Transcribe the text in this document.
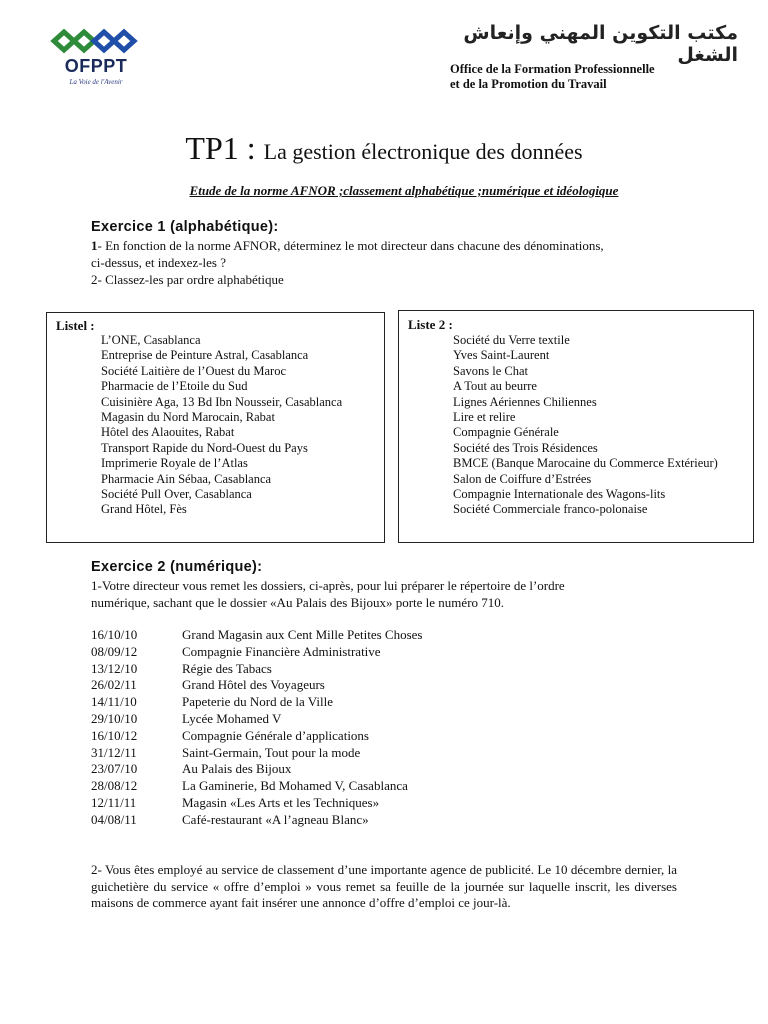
OFPPT
La Voie de l'Avenir
مكتب التكوين المهني وإنعاش الشغل
Office de la Formation Professionnelle
et de la Promotion du Travail
TP1 : La gestion électronique des données
Etude de la norme AFNOR ;classement alphabétique ;numérique et idéologique
Exercice 1 (alphabétique):
1- En fonction de la norme AFNOR, déterminez le mot directeur dans chacune des dénominations,
ci-dessus, et indexez-les ?
2- Classez-les par ordre alphabétique
Listel :
L’ONE, Casablanca
Entreprise de Peinture Astral, Casablanca
Société Laitière de l’Ouest du Maroc
Pharmacie de l’Etoile du Sud
Cuisinière Aga, 13 Bd Ibn Nousseir, Casablanca
Magasin du Nord Marocain, Rabat
Hôtel des Alaouites, Rabat
Transport Rapide du Nord-Ouest du Pays
Imprimerie Royale de l’Atlas
Pharmacie Ain Sébaa, Casablanca
Société Pull Over, Casablanca
Grand Hôtel, Fès
Liste 2 :
Société du Verre textile
Yves Saint-Laurent
Savons le Chat
A Tout au beurre
Lignes Aériennes Chiliennes
Lire et relire
Compagnie Générale
Société des Trois Résidences
BMCE (Banque Marocaine du Commerce Extérieur)
Salon de Coiffure d’Estrées
Compagnie Internationale des Wagons-lits
Société Commerciale franco-polonaise
Exercice 2 (numérique):
1-Votre directeur vous remet les dossiers, ci-après, pour lui préparer le répertoire de l’ordre
numérique, sachant que le dossier «Au Palais des Bijoux» porte le numéro 710.
16/10/10	Grand Magasin aux Cent Mille Petites Choses
08/09/12	Compagnie Financière Administrative
13/12/10	Régie des Tabacs
26/02/11	Grand Hôtel des Voyageurs
14/11/10	Papeterie du Nord de la Ville
29/10/10	Lycée Mohamed V
16/10/12	Compagnie Générale d’applications
31/12/11	Saint-Germain, Tout pour la mode
23/07/10	Au Palais des Bijoux
28/08/12	La Gaminerie, Bd Mohamed V, Casablanca
12/11/11	Magasin «Les Arts et les Techniques»
04/08/11	Café-restaurant «A l’agneau Blanc»
2- Vous êtes employé au service de classement d’une importante agence de publicité. Le 10 décembre dernier, la guichetière du service « offre d’emploi » vous remet sa feuille de la journée sur laquelle inscrit, les diverses maisons de commerce ayant fait insérer une annonce d’offre d’emploi ce jour-là.
